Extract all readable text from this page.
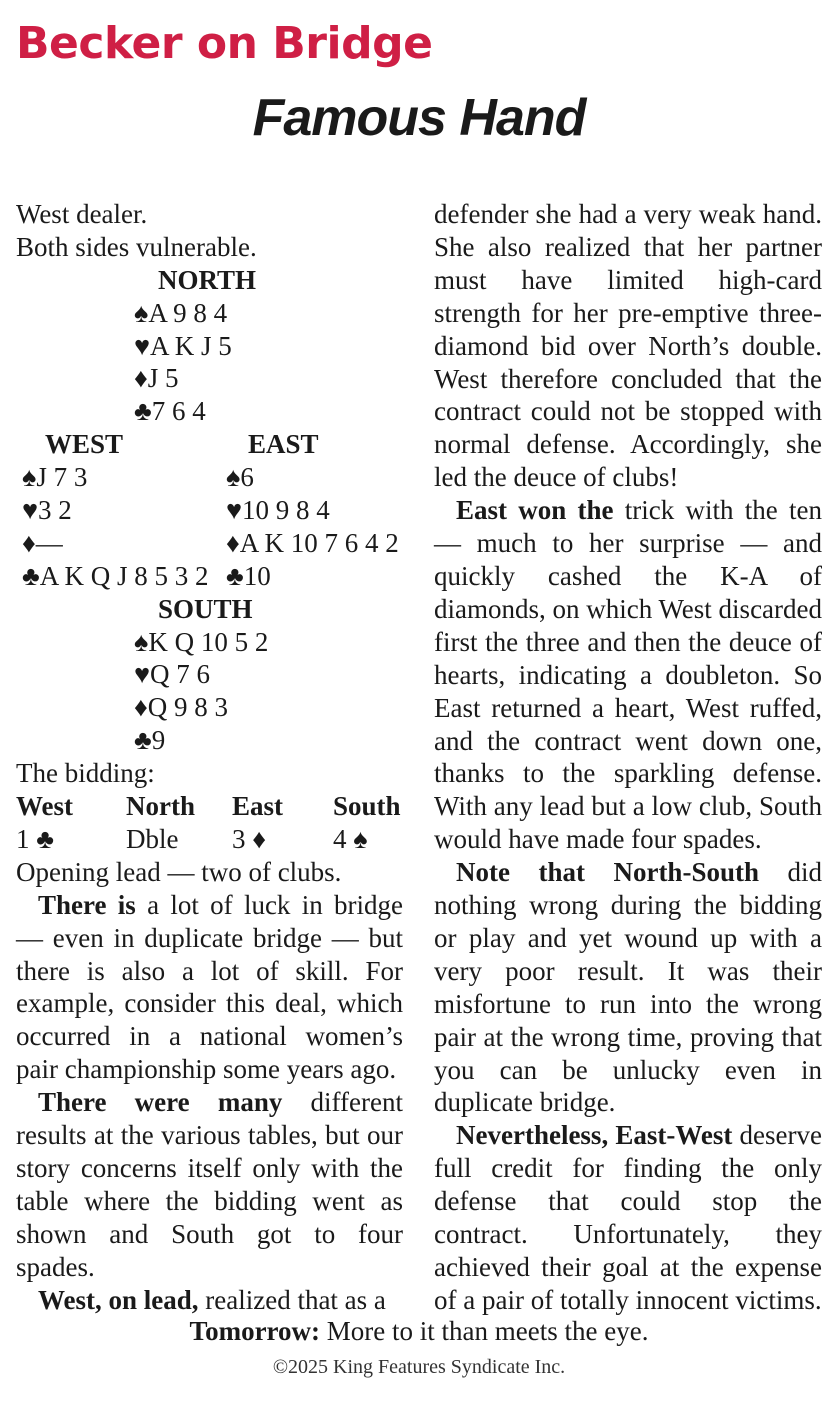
Becker on Bridge
Famous Hand
West dealer.
Both sides vulnerable.
NORTH
♠A 9 8 4
♥A K J 5
♦J 5
♣7 6 4
WEST	EAST
♠J 7 3	♠6
♥3 2	♥10 9 8 4
♦—	♦A K 10 7 6 4 2
♣A K Q J 8 5 3 2 ♣10
SOUTH
♠K Q 10 5 2
♥Q 7 6
♦Q 9 8 3
♣9
The bidding:
West North East South
1 ♣	Dble 3 ♦ 4 ♠
Opening lead — two of clubs.

There is a lot of luck in bridge — even in duplicate bridge — but there is also a lot of skill. For example, consider this deal, which occurred in a national women’s pair championship some years ago.

There were many different results at the various tables, but our story concerns itself only with the table where the bidding went as shown and South got to four spades.

West, on lead, realized that as a

defender she had a very weak hand. She also realized that her partner must have limited high-card strength for her pre-emptive three-diamond bid over North’s double. West therefore concluded that the contract could not be stopped with normal defense. Accordingly, she led the deuce of clubs!

East won the trick with the ten — much to her surprise — and quickly cashed the K-A of diamonds, on which West discarded first the three and then the deuce of hearts, indicating a doubleton. So East returned a heart, West ruffed, and the contract went down one, thanks to the sparkling defense. With any lead but a low club, South would have made four spades.

Note that North-South did nothing wrong during the bidding or play and yet wound up with a very poor result. It was their misfortune to run into the wrong pair at the wrong time, proving that you can be unlucky even in duplicate bridge.

Nevertheless, East-West deserve full credit for finding the only defense that could stop the contract. Unfortunately, they achieved their goal at the expense of a pair of totally innocent victims.

Tomorrow: More to it than meets the eye.
©2025 King Features Syndicate Inc.
